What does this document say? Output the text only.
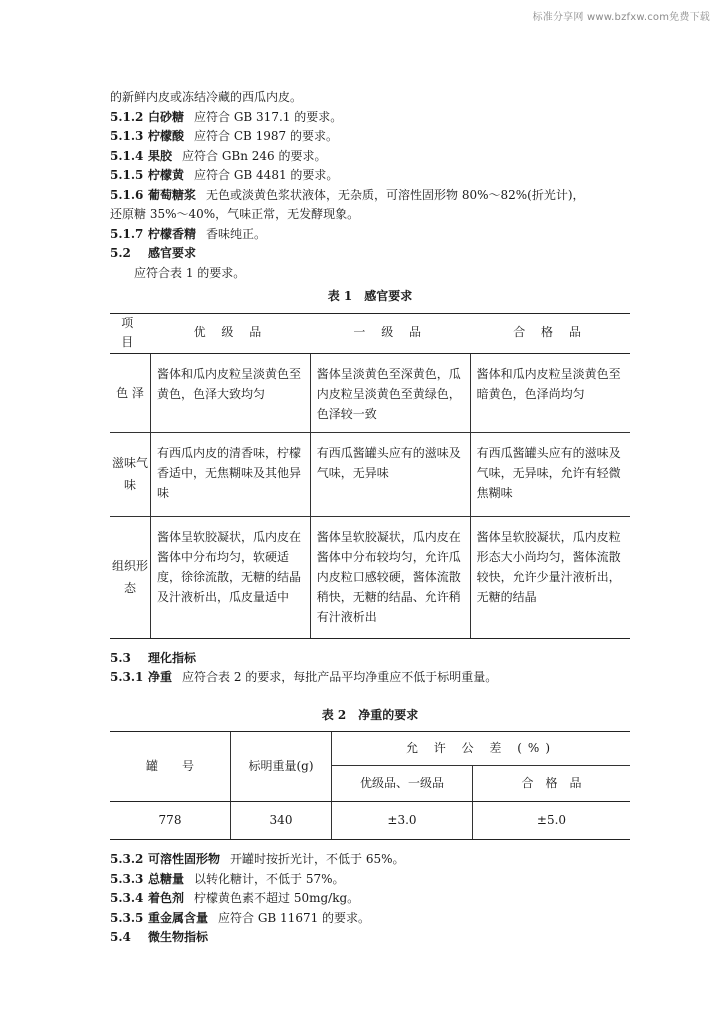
标准分享网 www.bzfxw.com免费下载
的新鲜内皮或冻结冷藏的西瓜内皮。
5.1.2 白砂糖 应符合 GB 317.1 的要求。
5.1.3 柠檬酸 应符合 CB 1987 的要求。
5.1.4 果胶 应符合 GBn 246 的要求。
5.1.5 柠檬黄 应符合 GB 4481 的要求。
5.1.6 葡萄糖浆 无色或淡黄色浆状液体，无杂质，可溶性固形物 80%～82%(折光计)，
还原糖 35%～40%，气味正常，无发酵现象。
5.1.7 柠檬香精 香味纯正。
5.2 感官要求
应符合表 1 的要求。
表 1　感官要求
项 目	优 级 品	一 级 品	合 格 品
色 泽	酱体和瓜内皮粒呈淡黄色至黄色，色泽大致均匀	酱体呈淡黄色至深黄色，瓜内皮粒呈淡黄色至黄绿色，色泽较一致	酱体和瓜内皮粒呈淡黄色至暗黄色，色泽尚均匀
滋味气味	有西瓜内皮的清香味，柠檬香适中，无焦糊味及其他异味	有西瓜酱罐头应有的滋味及气味，无异味	有西瓜酱罐头应有的滋味及气味，无异味，允许有轻微焦糊味
组织形态	酱体呈软胶凝状，瓜内皮在酱体中分布均匀，软硬适度，徐徐流散，无糖的结晶及汁液析出，瓜皮量适中	酱体呈软胶凝状，瓜内皮在酱体中分布较均匀，允许瓜内皮粒口感较硬，酱体流散稍快，无糖的结晶、允许稍有汁液析出	酱体呈软胶凝状，瓜内皮粒形态大小尚均匀，酱体流散较快，允许少量汁液析出，无糖的结晶
5.3 理化指标
5.3.1 净重 应符合表 2 的要求，每批产品平均净重应不低于标明重量。
表 2　净重的要求
罐　　号	标明重量(g)	允 许 公 差 (%)	
		优级品、一级品	合　格　品
778	340	±3.0	±5.0
5.3.2 可溶性固形物 开罐时按折光计，不低于 65%。
5.3.3 总糖量 以转化糖计，不低于 57%。
5.3.4 着色剂 柠檬黄色素不超过 50mg/kg。
5.3.5 重金属含量 应符合 GB 11671 的要求。
5.4 微生物指标
